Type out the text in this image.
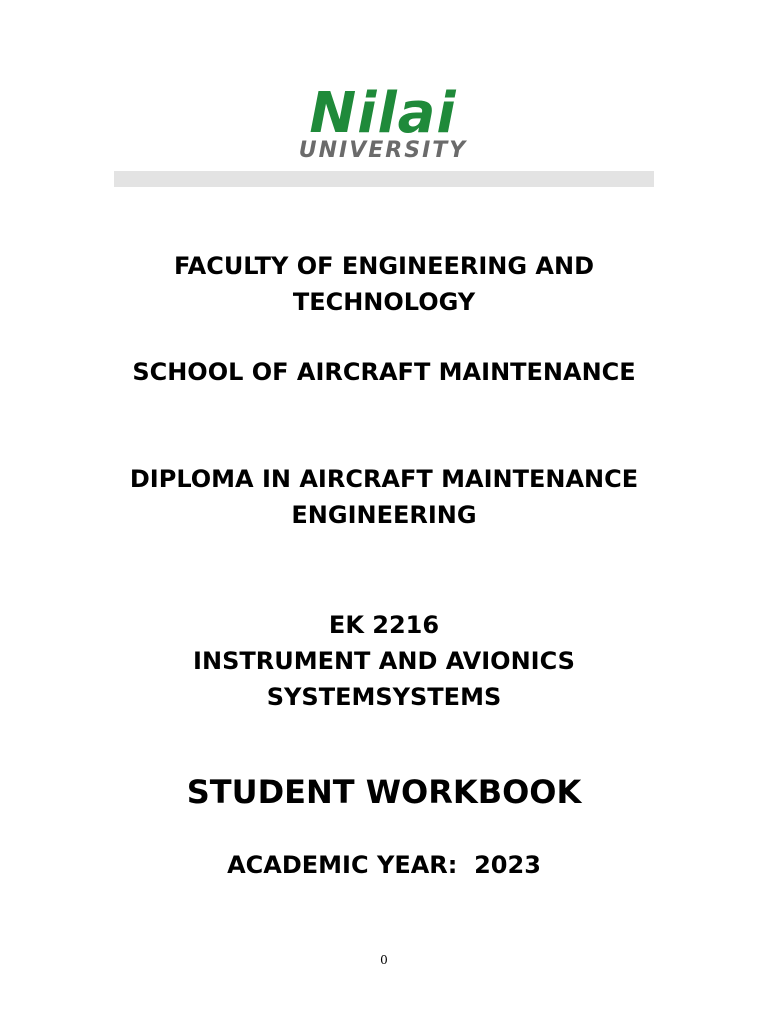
Nilai
UNIVERSITY
FACULTY OF ENGINEERING AND
TECHNOLOGY
SCHOOL OF AIRCRAFT MAINTENANCE
DIPLOMA IN AIRCRAFT MAINTENANCE
ENGINEERING
EK 2216
INSTRUMENT AND AVIONICS
SYSTEMSYSTEMS
STUDENT WORKBOOK
ACADEMIC YEAR:  2023
0
